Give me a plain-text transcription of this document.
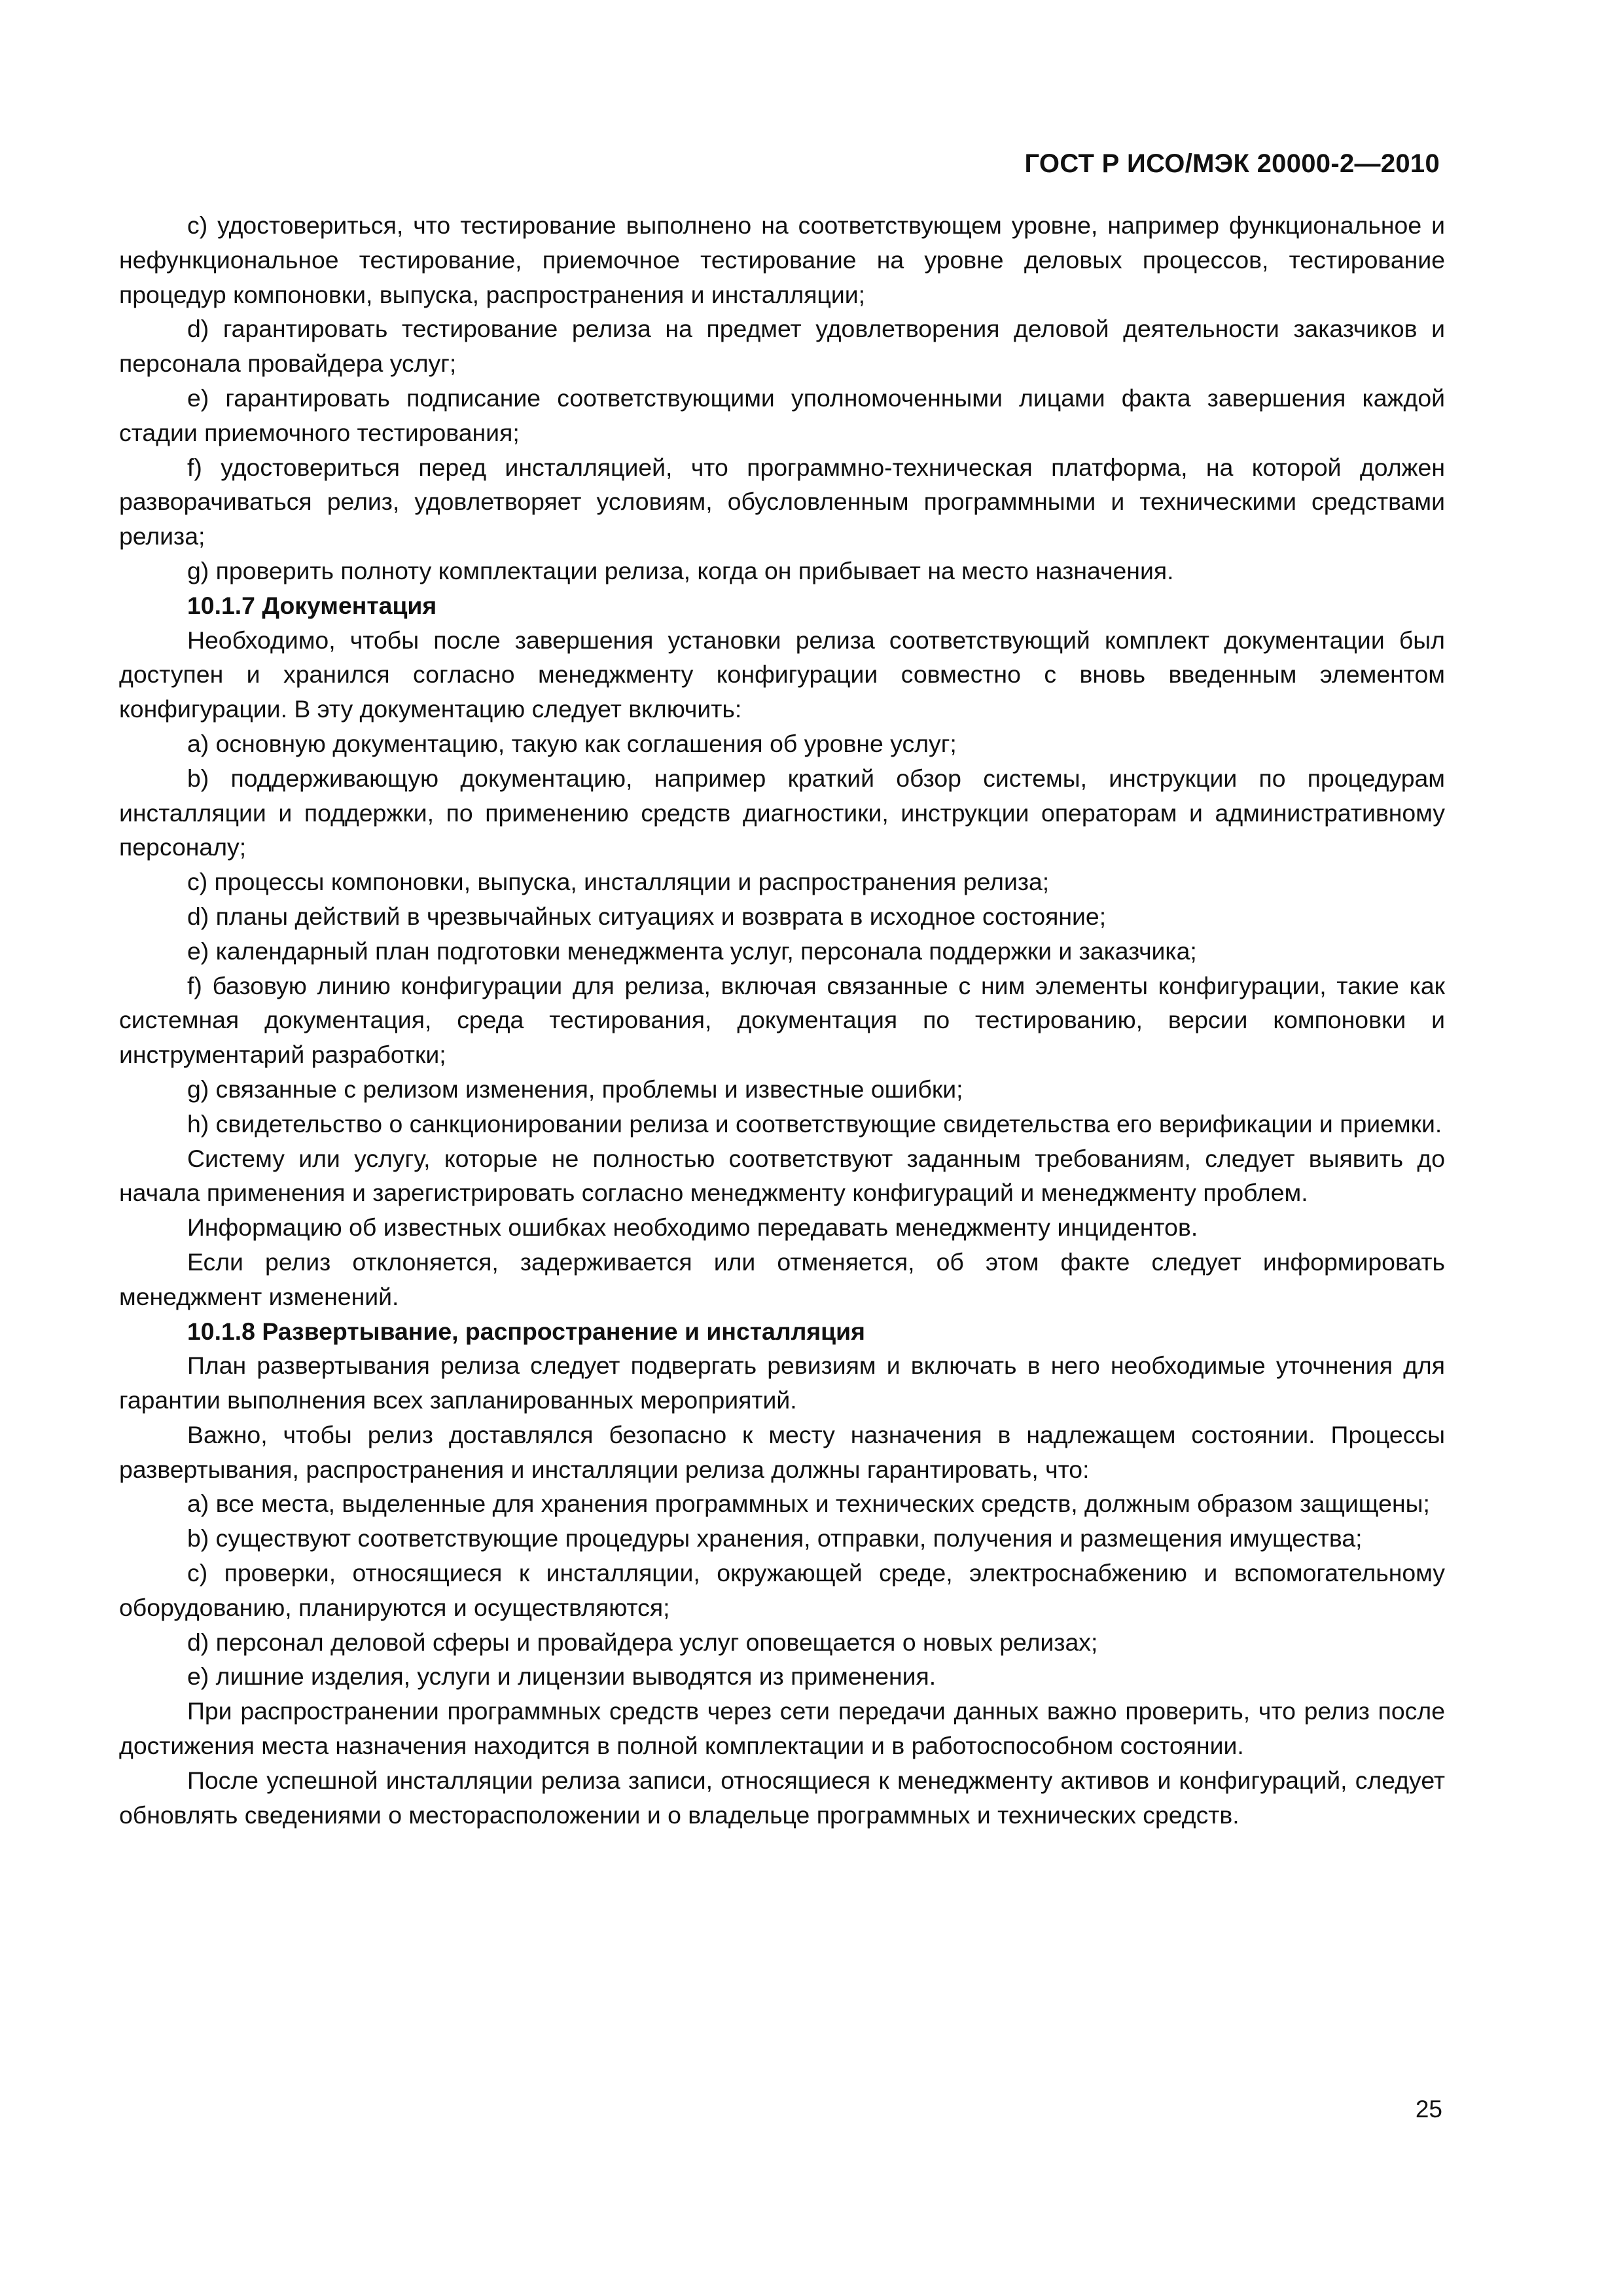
ГОСТ Р ИСО/МЭК 20000-2—2010

с) удостовериться, что тестирование выполнено на соответствующем уровне, например функциональное и нефункциональное тестирование, приемочное тестирование на уровне деловых процессов, тестирование процедур компоновки, выпуска, распространения и инсталляции;

d) гарантировать тестирование релиза на предмет удовлетворения деловой деятельности заказчиков и персонала провайдера услуг;

е) гарантировать подписание соответствующими уполномоченными лицами факта завершения каждой стадии приемочного тестирования;

f) удостовериться перед инсталляцией, что программно-техническая платформа, на которой должен разворачиваться релиз, удовлетворяет условиям, обусловленным программными и техническими средствами релиза;

g) проверить полноту комплектации релиза, когда он прибывает на место назначения.

10.1.7 Документация

Необходимо, чтобы после завершения установки релиза соответствующий комплект документации был доступен и хранился согласно менеджменту конфигурации совместно с вновь введенным элементом конфигурации. В эту документацию следует включить:

а) основную документацию, такую как соглашения об уровне услуг;

b) поддерживающую документацию, например краткий обзор системы, инструкции по процедурам инсталляции и поддержки, по применению средств диагностики, инструкции операторам и административному персоналу;

с) процессы компоновки, выпуска, инсталляции и распространения релиза;

d) планы действий в чрезвычайных ситуациях и возврата в исходное состояние;

е) календарный план подготовки менеджмента услуг, персонала поддержки и заказчика;

f) базовую линию конфигурации для релиза, включая связанные с ним элементы конфигурации, такие как системная документация, среда тестирования, документация по тестированию, версии компоновки и инструментарий разработки;

g) связанные с релизом изменения, проблемы и известные ошибки;

h) свидетельство о санкционировании релиза и соответствующие свидетельства его верификации и приемки.

Систему или услугу, которые не полностью соответствуют заданным требованиям, следует выявить до начала применения и зарегистрировать согласно менеджменту конфигураций и менеджменту проблем.

Информацию об известных ошибках необходимо передавать менеджменту инцидентов.

Если релиз отклоняется, задерживается или отменяется, об этом факте следует информировать менеджмент изменений.

10.1.8 Развертывание, распространение и инсталляция

План развертывания релиза следует подвергать ревизиям и включать в него необходимые уточнения для гарантии выполнения всех запланированных мероприятий.

Важно, чтобы релиз доставлялся безопасно к месту назначения в надлежащем состоянии. Процессы развертывания, распространения и инсталляции релиза должны гарантировать, что:

а) все места, выделенные для хранения программных и технических средств, должным образом защищены;

b) существуют соответствующие процедуры хранения, отправки, получения и размещения имущества;

с) проверки, относящиеся к инсталляции, окружающей среде, электроснабжению и вспомогательному оборудованию, планируются и осуществляются;

d) персонал деловой сферы и провайдера услуг оповещается о новых релизах;

е) лишние изделия, услуги и лицензии выводятся из применения.

При распространении программных средств через сети передачи данных важно проверить, что релиз после достижения места назначения находится в полной комплектации и в работоспособном состоянии.

После успешной инсталляции релиза записи, относящиеся к менеджменту активов и конфигураций, следует обновлять сведениями о месторасположении и о владельце программных и технических средств.

25
